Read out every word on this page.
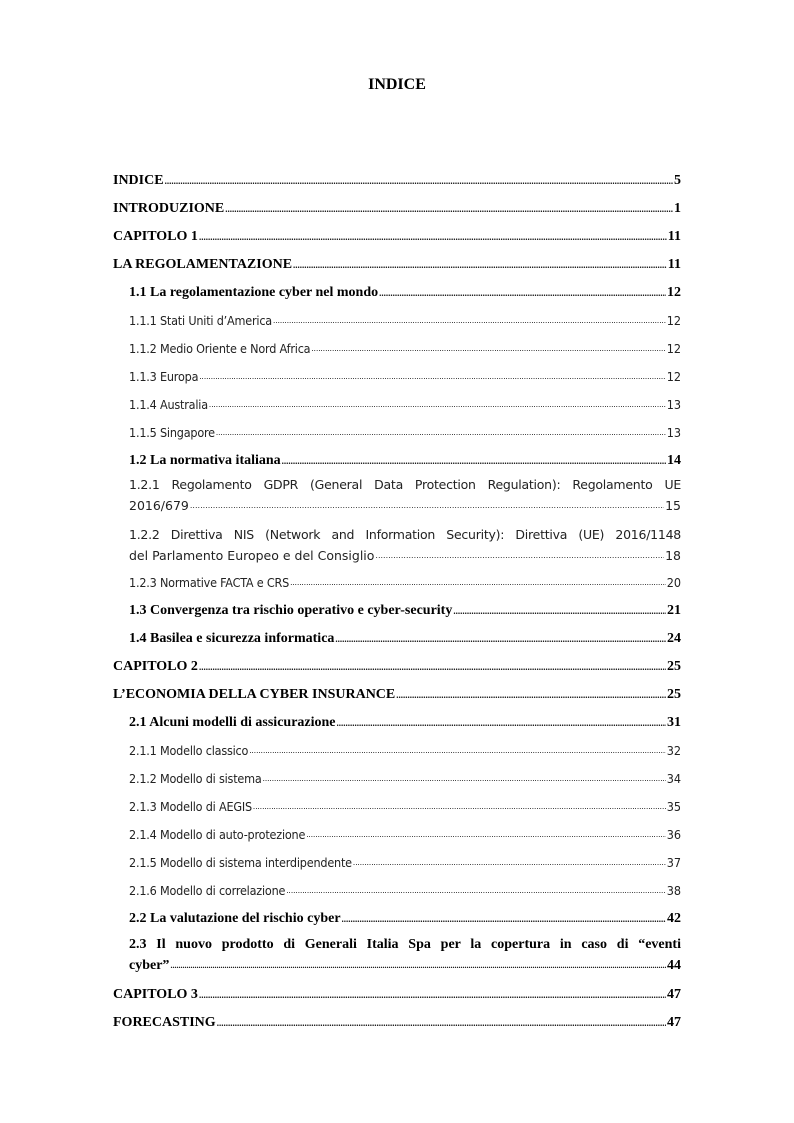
INDICE
INDICE .....	5
INTRODUZIONE .....	1
CAPITOLO 1 .....	11
LA REGOLAMENTAZIONE .....	11
1.1 La regolamentazione cyber nel mondo .....	12
1.1.1 Stati Uniti d’America .....	12
1.1.2 Medio Oriente e Nord Africa .....	12
1.1.3 Europa .....	12
1.1.4 Australia .....	13
1.1.5 Singapore .....	13
1.2 La normativa italiana .....	14
1.2.1 Regolamento GDPR (General Data Protection Regulation): Regolamento UE
2016/679 .....	15
1.2.2 Direttiva NIS (Network and Information Security): Direttiva (UE) 2016/1148
del Parlamento Europeo e del Consiglio .....	18
1.2.3 Normative FACTA e CRS .....	20
1.3 Convergenza tra rischio operativo e cyber-security .....	21
1.4 Basilea e sicurezza informatica .....	24
CAPITOLO 2 .....	25
L’ECONOMIA DELLA CYBER INSURANCE .....	25
2.1 Alcuni modelli di assicurazione .....	31
2.1.1 Modello classico .....	32
2.1.2 Modello di sistema .....	34
2.1.3 Modello di AEGIS .....	35
2.1.4 Modello di auto-protezione .....	36
2.1.5 Modello di sistema interdipendente .....	37
2.1.6 Modello di correlazione .....	38
2.2 La valutazione del rischio cyber .....	42
2.3 Il nuovo prodotto di Generali Italia Spa per la copertura in caso di “eventi
cyber” .....	44
CAPITOLO 3 .....	47
FORECASTING .....	47
